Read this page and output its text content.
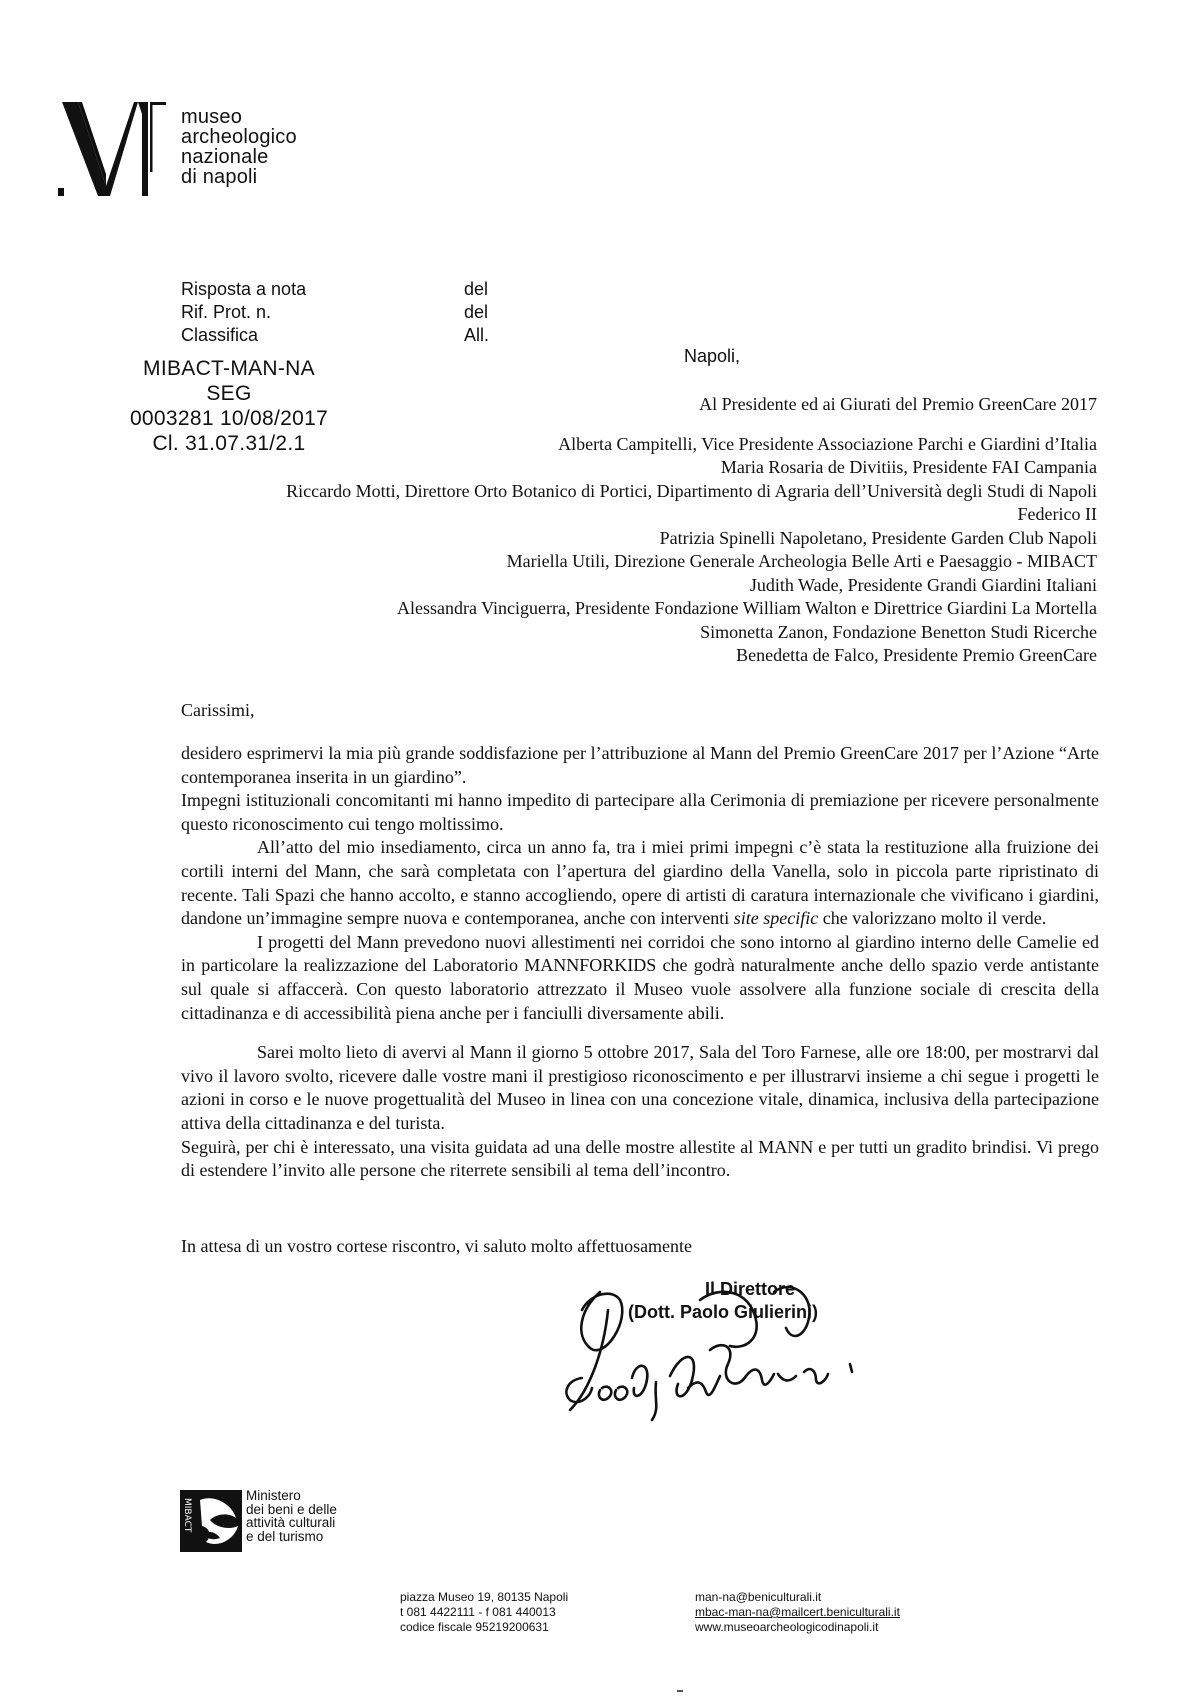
museo
archeologico
nazionale
di napoli
Risposta a nota
Rif. Prot. n.
Classifica
del
del
All.
MIBACT-MAN-NA
SEG
0003281 10/08/2017
Cl. 31.07.31/2.1
Napoli,
Al Presidente ed ai Giurati del Premio GreenCare 2017
Alberta Campitelli, Vice Presidente Associazione Parchi e Giardini d’Italia
Maria Rosaria de Divitiis, Presidente FAI Campania
Riccardo Motti, Direttore Orto Botanico di Portici, Dipartimento di Agraria dell’Università degli Studi di Napoli
Federico II
Patrizia Spinelli Napoletano, Presidente Garden Club Napoli
Mariella Utili, Direzione Generale Archeologia Belle Arti e Paesaggio - MIBACT
Judith Wade, Presidente Grandi Giardini Italiani
Alessandra Vinciguerra, Presidente Fondazione William Walton e Direttrice Giardini La Mortella
Simonetta Zanon, Fondazione Benetton Studi Ricerche
Benedetta de Falco, Presidente Premio GreenCare
Carissimi,

desidero esprimervi la mia più grande soddisfazione per l’attribuzione al Mann del Premio GreenCare 2017 per l’Azione “Arte contemporanea inserita in un giardino”.

Impegni istituzionali concomitanti mi hanno impedito di partecipare alla Cerimonia di premiazione per ricevere personalmente questo riconoscimento cui tengo moltissimo.

All’atto del mio insediamento, circa un anno fa, tra i miei primi impegni c’è stata la restituzione alla fruizione dei cortili interni del Mann, che sarà completata con l’apertura del giardino della Vanella, solo in piccola parte ripristinato di recente. Tali Spazi che hanno accolto, e stanno accogliendo, opere di artisti di caratura internazionale che vivificano i giardini, dandone un’immagine sempre nuova e contemporanea, anche con interventi site specific che valorizzano molto il verde.

I progetti del Mann prevedono nuovi allestimenti nei corridoi che sono intorno al giardino interno delle Camelie ed in particolare la realizzazione del Laboratorio MANNFORKIDS che godrà naturalmente anche dello spazio verde antistante sul quale si affaccerà. Con questo laboratorio attrezzato il Museo vuole assolvere alla funzione sociale di crescita della cittadinanza e di accessibilità piena anche per i fanciulli diversamente abili.

Sarei molto lieto di avervi al Mann il giorno 5 ottobre 2017, Sala del Toro Farnese, alle ore 18:00, per mostrarvi dal vivo il lavoro svolto, ricevere dalle vostre mani il prestigioso riconoscimento e per illustrarvi insieme a chi segue i progetti le azioni in corso e le nuove progettualità del Museo in linea con una concezione vitale, dinamica, inclusiva della partecipazione attiva della cittadinanza e del turista.

Seguirà, per chi è interessato, una visita guidata ad una delle mostre allestite al MANN e per tutti un gradito brindisi. Vi prego di estendere l’invito alle persone che riterrete sensibili al tema dell’incontro.

In attesa di un vostro cortese riscontro, vi saluto molto affettuosamente
Il Direttore
(Dott. Paolo Giulierini)
MIBACT
Ministero
dei beni e delle
attività culturali
e del turismo
piazza Museo 19, 80135 Napoli
t 081 4422111 - f 081 440013
codice fiscale 95219200631
man-na@beniculturali.it
mbac-man-na@mailcert.beniculturali.it
www.museoarcheologicodinapoli.it
